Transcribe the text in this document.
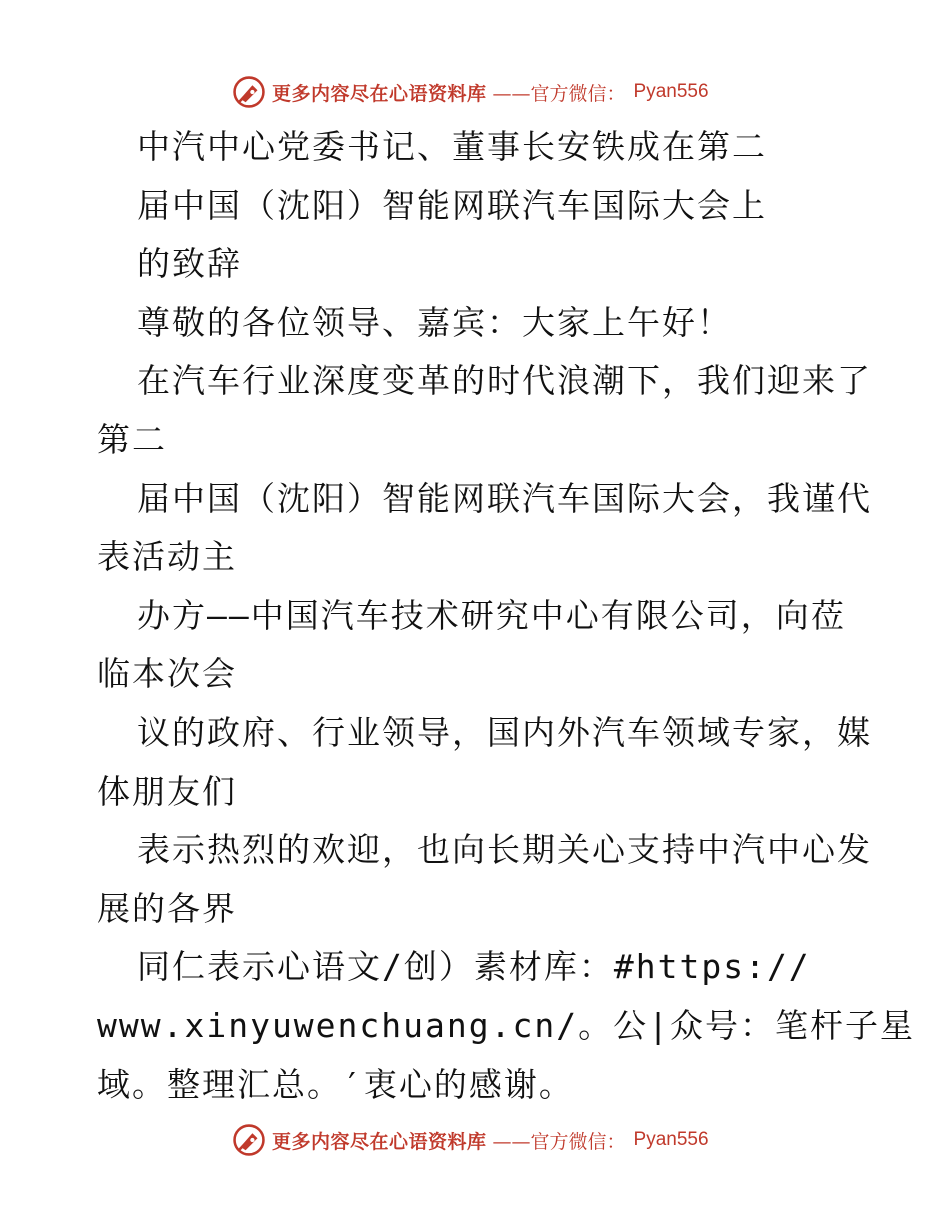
更多内容尽在心语资料库 ——官方微信： Pyan556
中汽中心党委书记、董事长安铁成在第二
届中国（沈阳）智能网联汽车国际大会上
的致辞
尊敬的各位领导、嘉宾：大家上午好！
在汽车行业深度变革的时代浪潮下，我们迎来了
第二
届中国（沈阳）智能网联汽车国际大会，我谨代
表活动主
办方——中国汽车技术研究中心有限公司，向莅
临本次会
议的政府、行业领导，国内外汽车领域专家，媒
体朋友们
表示热烈的欢迎，也向长期关心支持中汽中心发
展的各界
同仁表示心语文/创）素材库：#https://
www.xinyuwenchuang.cn/。公|众号：笔杆子星
域。整理汇总。′衷心的感谢。
更多内容尽在心语资料库 ——官方微信： Pyan556
